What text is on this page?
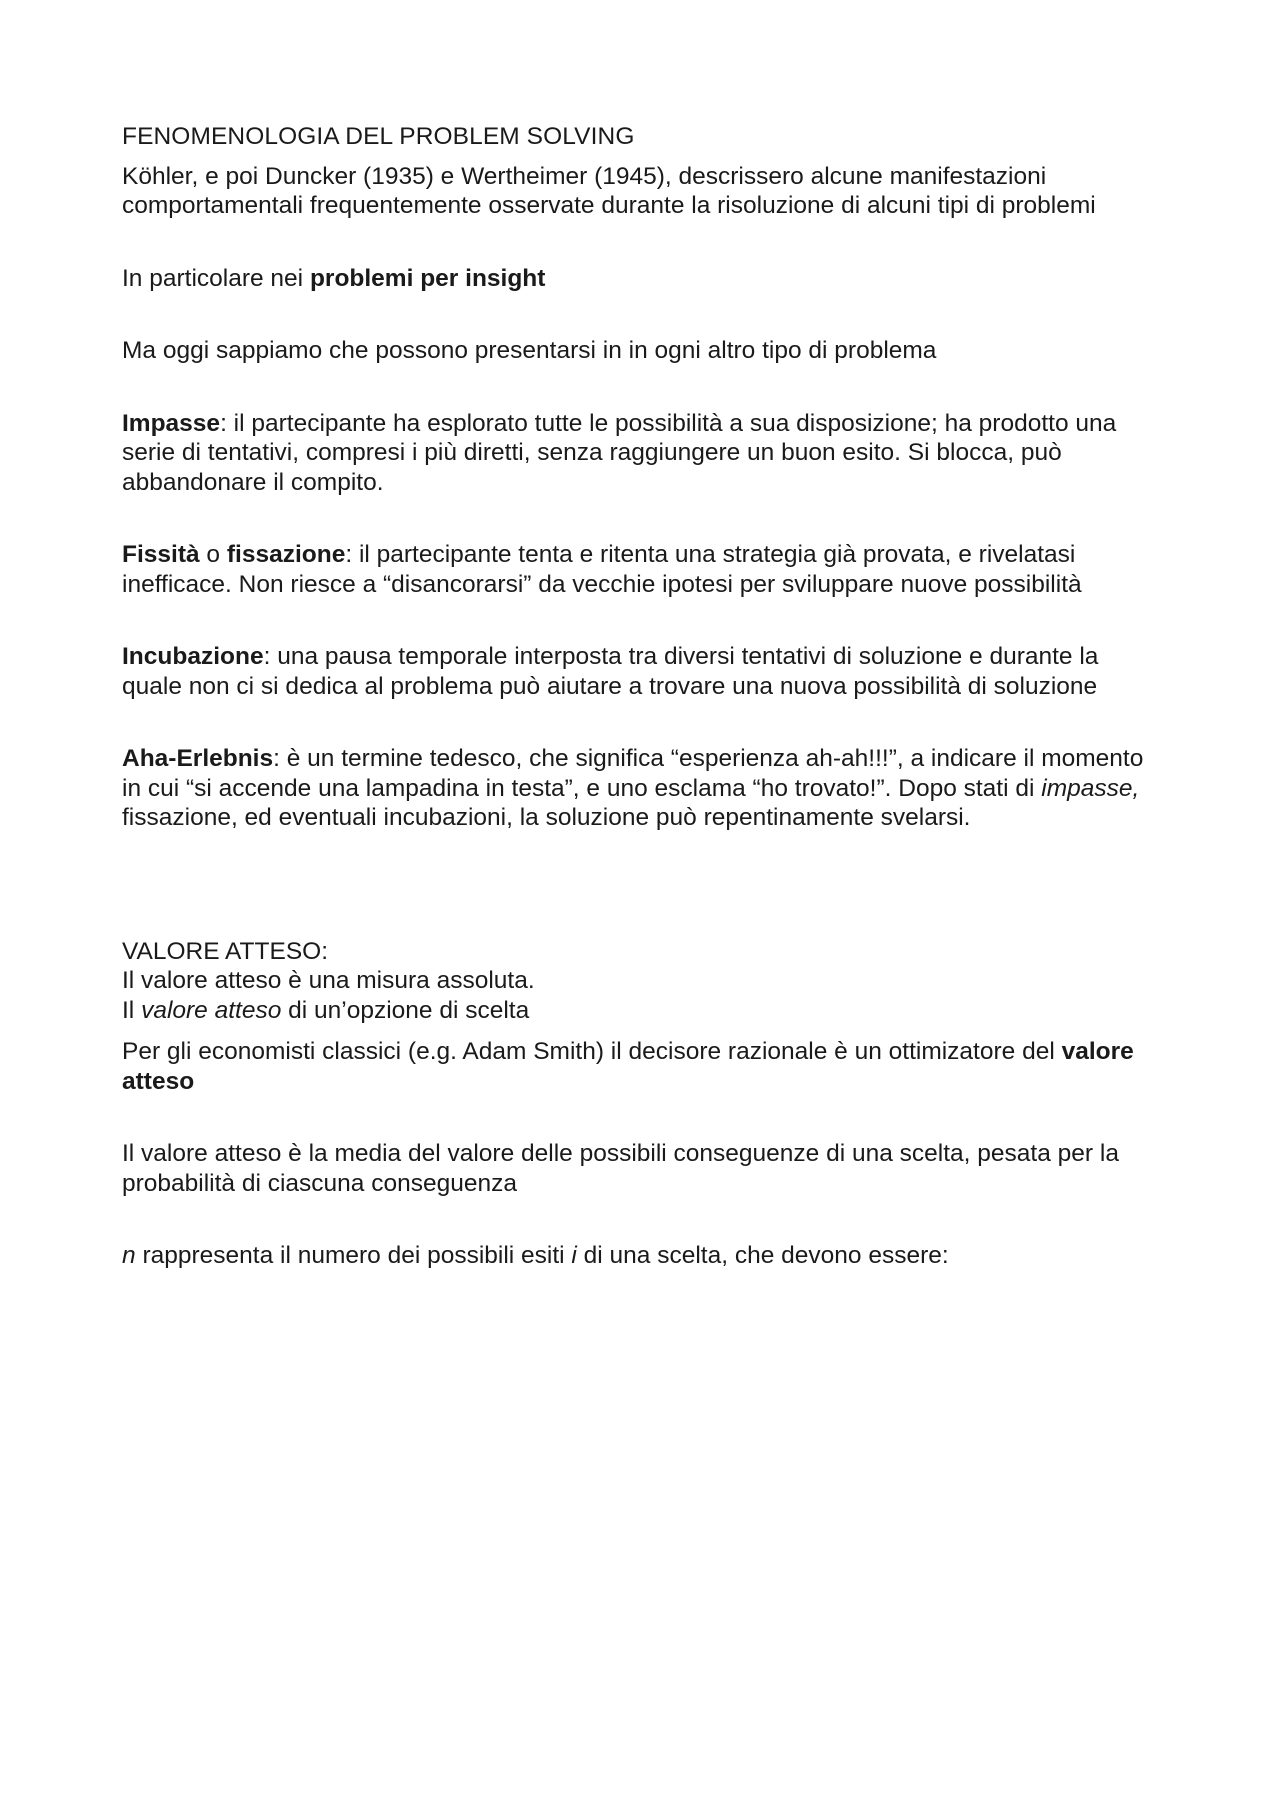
FENOMENOLOGIA DEL PROBLEM SOLVING

Köhler, e poi Duncker (1935) e Wertheimer (1945), descrissero alcune manifestazioni comportamentali frequentemente osservate durante la risoluzione di alcuni tipi di problemi

In particolare nei problemi per insight

Ma oggi sappiamo che possono presentarsi in in ogni altro tipo di problema

Impasse: il partecipante ha esplorato tutte le possibilità a sua disposizione; ha prodotto una serie di tentativi, compresi i più diretti, senza raggiungere un buon esito. Si blocca, può abbandonare il compito.

Fissità o fissazione: il partecipante tenta e ritenta una strategia già provata, e rivelatasi inefficace. Non riesce a “disancorarsi” da vecchie ipotesi per sviluppare nuove possibilità

Incubazione: una pausa temporale interposta tra diversi tentativi di soluzione e durante la quale non ci si dedica al problema può aiutare a trovare una nuova possibilità di soluzione

Aha-Erlebnis: è un termine tedesco, che significa “esperienza ah-ah!!!”, a indicare il momento in cui “si accende una lampadina in testa”, e uno esclama “ho trovato!”. Dopo stati di impasse, fissazione, ed eventuali incubazioni, la soluzione può repentinamente svelarsi.

VALORE ATTESO:

Il valore atteso è una misura assoluta.

Il valore atteso di un’opzione di scelta

Per gli economisti classici (e.g. Adam Smith) il decisore razionale è un ottimizatore del valore atteso

Il valore atteso è la media del valore delle possibili conseguenze di una scelta, pesata per la probabilità di ciascuna conseguenza

n rappresenta il numero dei possibili esiti i di una scelta, che devono essere:
